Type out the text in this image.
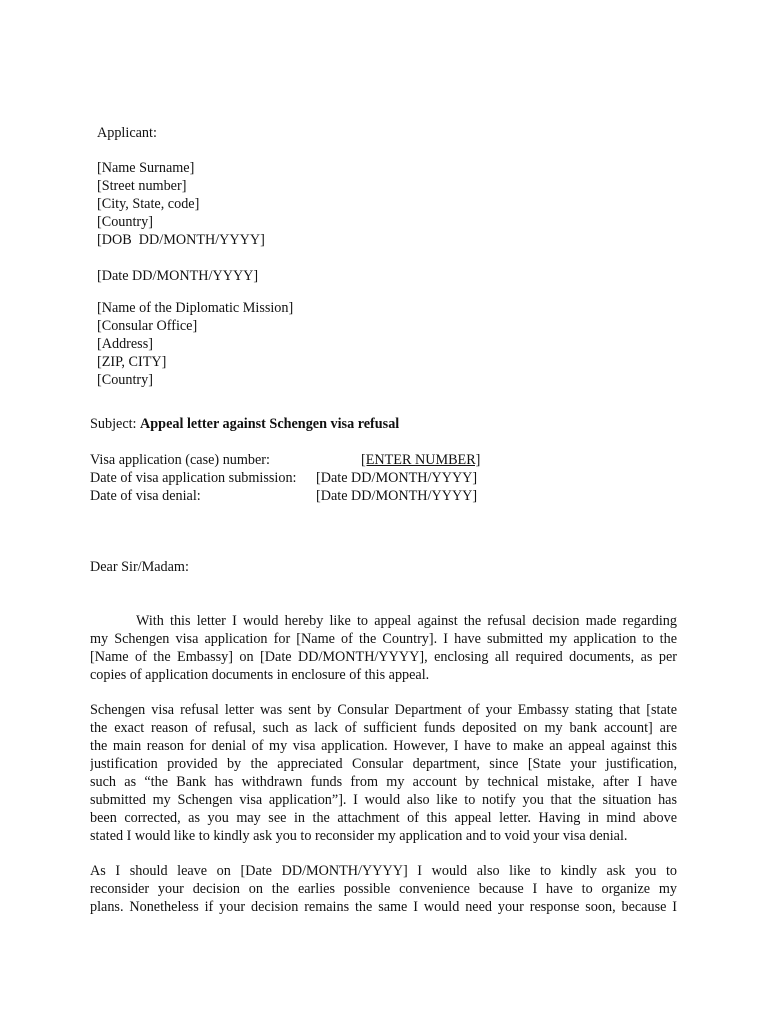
Applicant:
[Name Surname]
[Street number]
[City, State, code]
[Country]
[DOB  DD/MONTH/YYYY]
[Date DD/MONTH/YYYY]
[Name of the Diplomatic Mission]
[Consular Office]
[Address]
[ZIP, CITY]
[Country]
Subject: Appeal letter against Schengen visa refusal
Visa application (case) number:	[ENTER NUMBER]
Date of visa application submission: [Date DD/MONTH/YYYY]
Date of visa denial:	[Date DD/MONTH/YYYY]
Dear Sir/Madam:
With this letter I would hereby like to appeal against the refusal decision made regarding
my Schengen visa application for [Name of the Country]. I have submitted my application to the
[Name of the Embassy] on [Date DD/MONTH/YYYY], enclosing all required documents, as per
copies of application documents in enclosure of this appeal.
Schengen visa refusal letter was sent by Consular Department of your Embassy stating that [state
the exact reason of refusal, such as lack of sufficient funds deposited on my bank account] are
the main reason for denial of my visa application. However, I have to make an appeal against this
justification provided by the appreciated Consular department, since [State your justification,
such as “the Bank has withdrawn funds from my account by technical mistake, after I have
submitted my Schengen visa application”]. I would also like to notify you that the situation has
been corrected, as you may see in the attachment of this appeal letter. Having in mind above
stated I would like to kindly ask you to reconsider my application and to void your visa denial.
As I should leave on [Date DD/MONTH/YYYY] I would also like to kindly ask you to
reconsider your decision on the earlies possible convenience because I have to organize my
plans. Nonetheless if your decision remains the same I would need your response soon, because I
